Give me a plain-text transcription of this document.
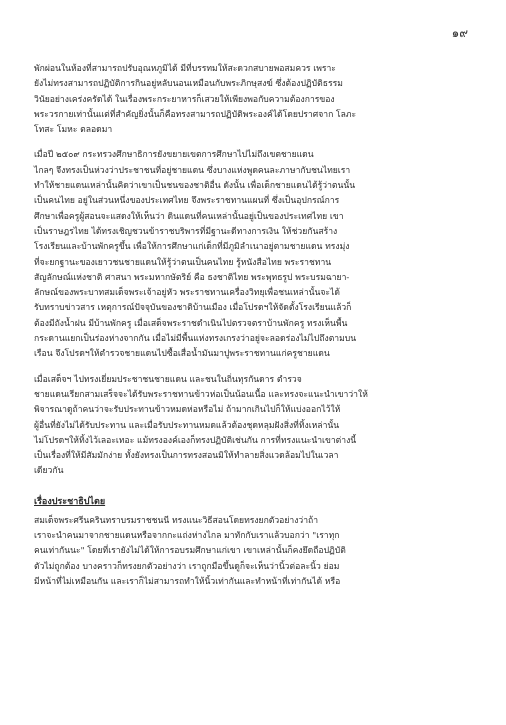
๑๙

พักผ่อนในห้องที่สามารถปรับอุณหภูมิได้ มีที่บรรทมให้สะดวกสบายพอสมควร เพราะ
ยังไม่ทรงสามารถปฏิบัติการกินอยู่หลับนอนเหมือนกับพระภิกษุสงฆ์ ซึ่งต้องปฏิบัติธรรม
วินัยอย่างเคร่งครัดได้ ในเรื่องพระกระยาหารก็เสวยให้เพียงพอกับความต้องการของ
พระวรกายเท่านั้นแต่ที่สำคัญยิ่งนั้นก็คือทรงสามารถปฏิบัติพระองค์ได้โดยปราศจาก โลภะ
โทสะ โมหะ ตลอดมา

เมื่อปี ๒๕๐๙ กระทรวงศึกษาธิการยังขยายเขตการศึกษาไปไม่ถึงเขตชายแดน
ไกลๆ จึงทรงเป็นห่วงว่าประชาชนที่อยู่ชายแดน ซึ่งบางแห่งพูดคนละภาษากับชนไทยเรา
ทำให้ชายแดนเหล่านั้นคิดว่าเขาเป็นชนของชาติอื่น ดังนั้น เพื่อเด็กชายแดนได้รู้ว่าตนนั้น
เป็นคนไทย อยู่ในส่วนหนึ่งของประเทศไทย จึงพระราชทานแผนที่ ซึ่งเป็นอุปกรณ์การ
ศึกษาเพื่อครูผู้สอนจะแสดงให้เห็นว่า ดินแดนที่คนเหล่านั้นอยู่เป็นของประเทศไทย เขา
เป็นราษฎรไทย ได้ทรงเชิญชวนข้าราชบริพารที่มีฐานะดีทางการเงิน ให้ช่วยกันสร้าง
โรงเรียนและบ้านพักครูขึ้น เพื่อให้การศึกษาแก่เด็กที่มีภูมิลำเนาอยู่ตามชายแดน ทรงมุ่ง
ที่จะยกฐานะของเยาวชนชายแดนให้รู้ว่าตนเป็นคนไทย รู้หนังสือไทย พระราชทาน
สัญลักษณ์แห่งชาติ ศาสนา พระมหากษัตริย์ คือ ธงชาติไทย พระพุทธรูป พระบรมฉายา-
ลักษณ์ของพระบาทสมเด็จพระเจ้าอยู่หัว พระราชทานเครื่องวิทยุเพื่อชนเหล่านั้นจะได้
รับทราบข่าวสาร เหตุการณ์ปัจจุบันของชาติบ้านเมือง เมื่อโปรดฯให้จัดตั้งโรงเรียนแล้วก็
ต้องมีถังน้ำฝน มีบ้านพักครู เมื่อเสด็จพระราชดำเนินไปตรวจตราบ้านพักครู ทรงเห็นพื้น
กระดานแยกเป็นร่องห่างจากกัน เมื่อไม่มีพื้นแห่งทรงเกรงว่าอยู่จะลอดร่องไม่ไปถึงตามบน
เรือน จึงโปรดฯให้ตำรวจชายแดนไปซื้อเสื่อน้ำมันมาปูพระราชทานแก่ครูชายแดน

เมื่อเสด็จฯ ไปทรงเยี่ยมประชาชนชายแดน และชนในถิ่นทุรกันดาร ตำรวจ
ชายแดนเรียกสามเสร็จจะได้รับพระราชทานข้าวห่อเป็นน้อนเนื้อ และทรงจะแนะนำเขาว่าให้
พิจารณาดูถ้าคนว่าจะรับประทานข้าวหมดห่อหรือไม่ ถ้ามากเกินไปก็ให้แบ่งออกไว้ให้
ผู้อื่นที่ยังไม่ได้รับประทาน และเมื่อรับประทานหมดแล้วต้องชุดหลุมฝังสิ่งที่ทิ้งเหล่านั้น
ไม่โปรดฯให้ทิ้งไว้เลอะเทอะ แม้ทรงองค์เองก็ทรงปฏิบัติเช่นกัน การที่ทรงแนะนำเขาต่างนี้
เป็นเรื่องที่ให้มีสัมมักง่าย ทั้งยังทรงเป็นการทรงสอนมิให้ทำลายสิ่งแวดล้อมไปในเวลา
เดียวกัน

เรื่องประชาธิปไตย

สมเด็จพระศรีนครินทราบรมราชชนนี ทรงแนะวิธีสอนโดยทรงยกตัวอย่างว่าถ้า
เราจะนำคนมาจากชายแดนหรือจากกะแถ่งห่างไกล มาทักกับเราแล้วบอกว่า "เราทุก
คนเท่ากันนะ" โดยที่เรายังไม่ได้ให้การอบรมศึกษาแก่เขา เขาเหล่านั้นก็คงยึดถือปฏิบัติ
ตัวไม่ถูกต้อง บางคราวก็ทรงยกตัวอย่างว่า เราถูกมือขึ้นดูก็จะเห็นว่านิ้วต่อละนิ้ว ย่อม
มีหน้าที่ไม่เหมือนกัน และเราก็ไม่สามารถทำให้นิ้วเท่ากันและทำหน้าที่เท่ากันได้ หรือ
